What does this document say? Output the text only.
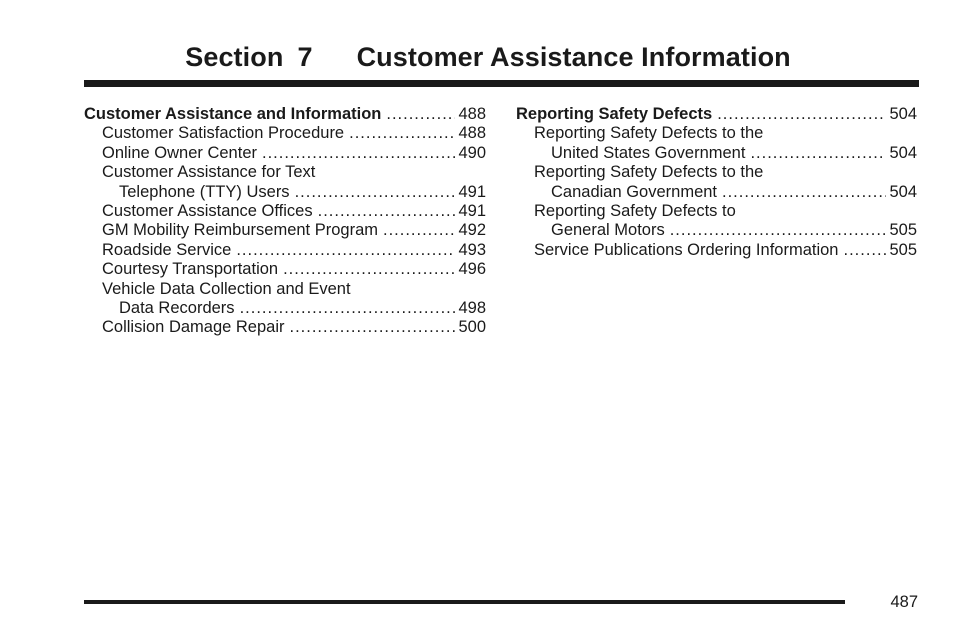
Section 7 Customer Assistance Information
Customer Assistance and Information .....	488
Customer Satisfaction Procedure .....	488
Online Owner Center .....	490
Customer Assistance for Text
Telephone (TTY) Users .....	491
Customer Assistance Offices .....	491
GM Mobility Reimbursement Program .....	492
Roadside Service .....	493
Courtesy Transportation .....	496
Vehicle Data Collection and Event
Data Recorders .....	498
Collision Damage Repair .....	500
Reporting Safety Defects .....	504
Reporting Safety Defects to the
United States Government .....	504
Reporting Safety Defects to the
Canadian Government .....	504
Reporting Safety Defects to
General Motors .....	505
Service Publications Ordering Information .....	505
487
